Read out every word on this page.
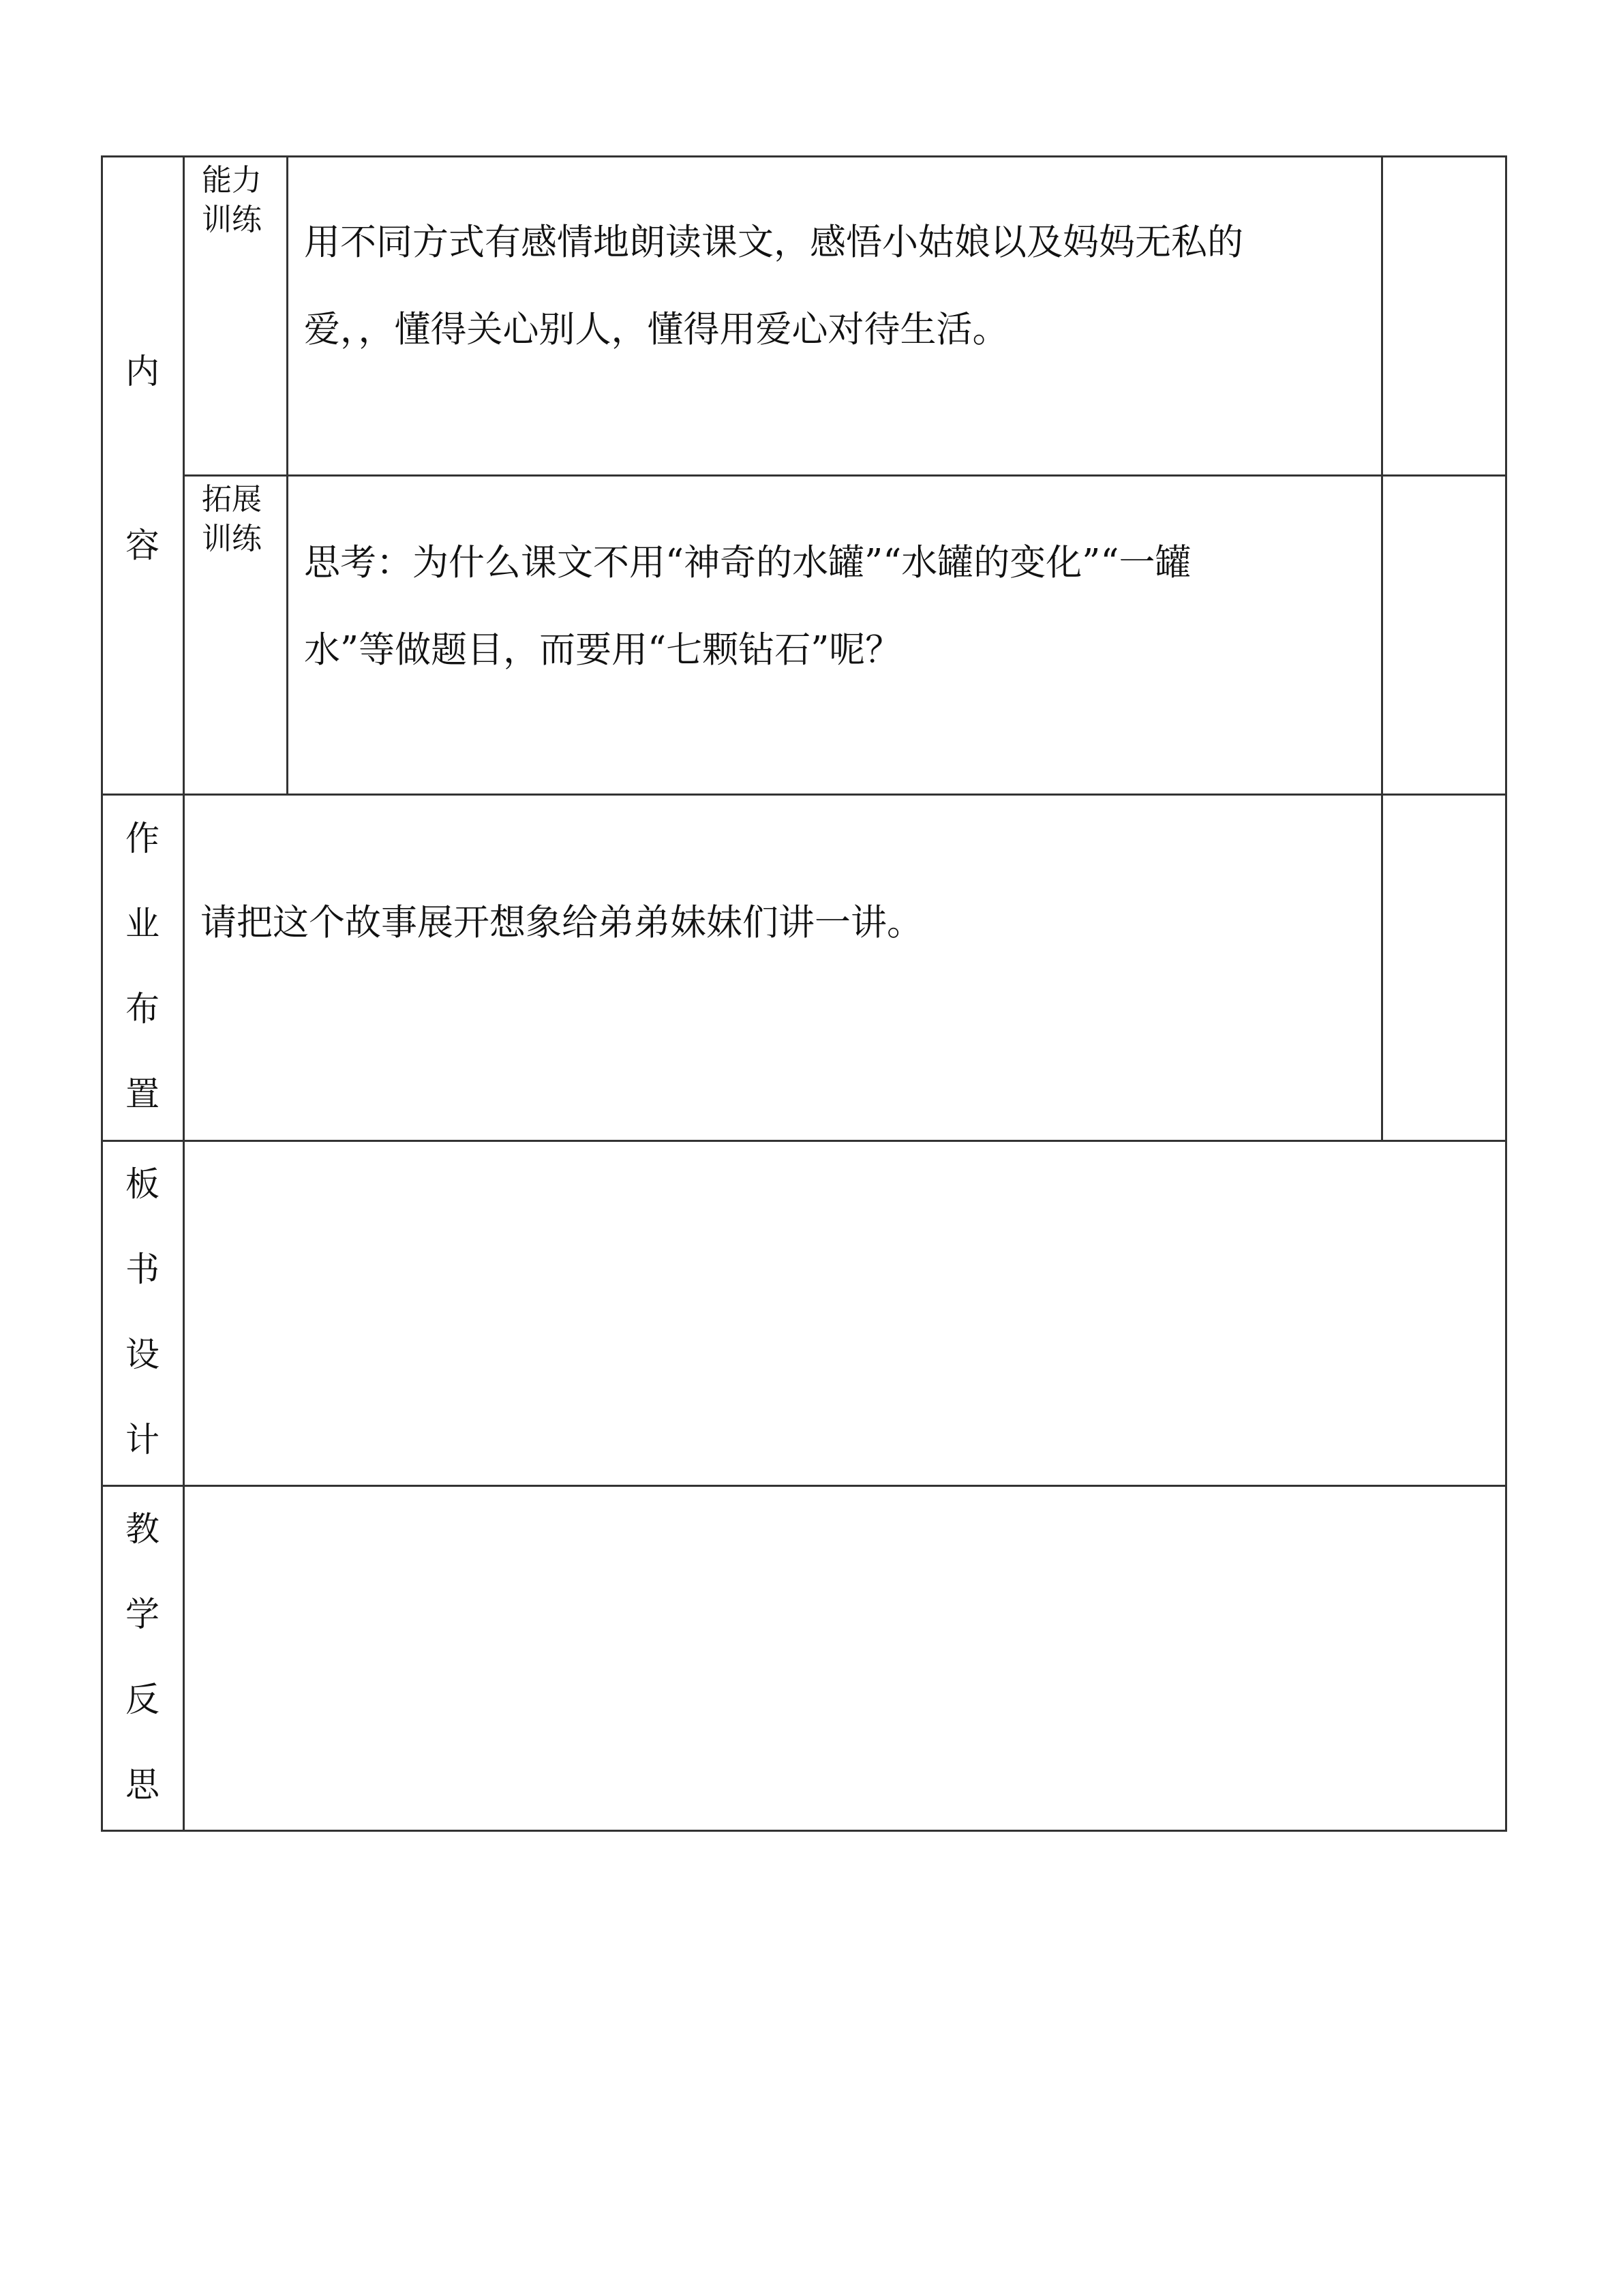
内
容
能力
训练
用不同方式有感情地朗读课文，感悟小姑娘以及妈妈无私的
爱，，懂得关心别人，懂得用爱心对待生活。
拓展
训练
思考：为什么课文不用“神奇的水罐”“水罐的变化”“一罐
水”等做题目，而要用“七颗钻石”呢？
作
业
布
置
请把这个故事展开想象给弟弟妹妹们讲一讲。
板
书
设
计
教
学
反
思
